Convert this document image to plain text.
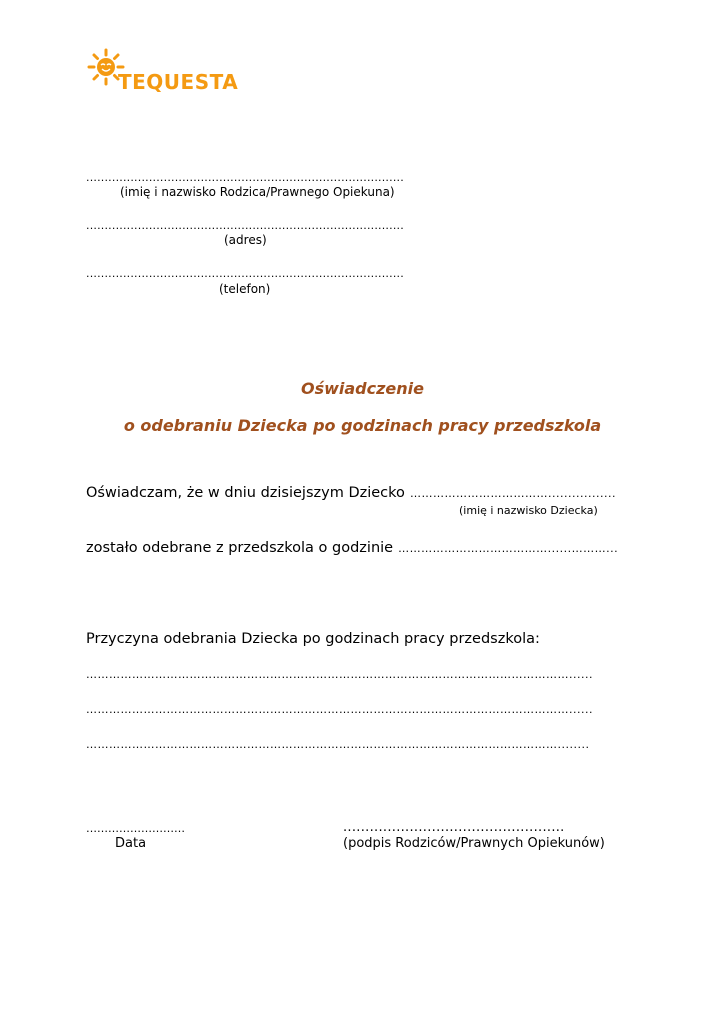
TEQUESTA
......................................................................................
(imię i nazwisko Rodzica/Prawnego Opiekuna)
......................................................................................
(adres)
......................................................................................
(telefon)
Oświadczenie
o odebraniu Dziecka po godzinach pracy przedszkola
Oświadczam, że w dniu dzisiejszym Dziecko ……………………………….................
(imię i nazwisko Dziecka)
zostało odebrane z przedszkola o godzinie …………………………………......………...
Przyczyna odebrania Dziecka po godzinach pracy przedszkola:
………………………………………………………………………………………………………………......
………………………………………………………………………………………………………………......
……………………………………………………………………………………………………………........
………………………	..................................................
Data	(podpis Rodziców/Prawnych Opiekunów)
